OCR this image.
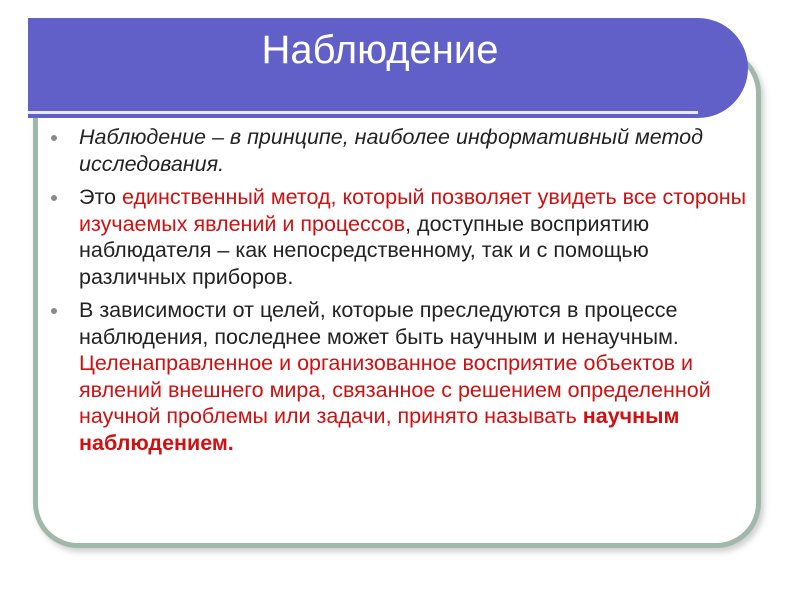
Наблюдение
Наблюдение – в принципе, наиболее информативный метод исследования.
Это единственный метод, который позволяет увидеть все стороны изучаемых явлений и процессов, доступные восприятию наблюдателя – как непосредственному, так и с помощью различных приборов.
В зависимости от целей, которые преследуются в процессе наблюдения, последнее может быть научным и ненаучным. Целенаправленное и организованное восприятие объектов и явлений внешнего мира, связанное с решением определенной научной проблемы или задачи, принято называть научным наблюдением.
